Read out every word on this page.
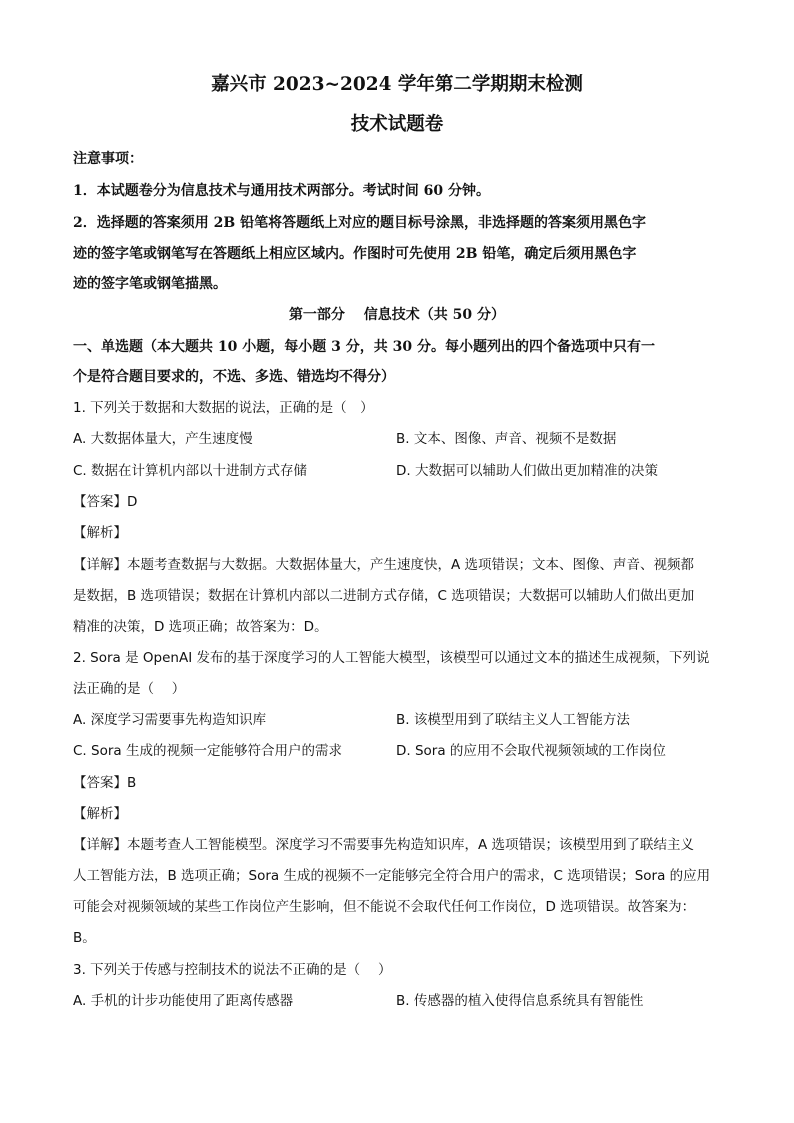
嘉兴市 2023~2024 学年第二学期期末检测
技术试题卷
注意事项：
1．本试题卷分为信息技术与通用技术两部分。考试时间 60 分钟。
2．选择题的答案须用 2B 铅笔将答题纸上对应的题目标号涂黑，非选择题的答案须用黑色字
迹的签字笔或钢笔写在答题纸上相应区域内。作图时可先使用 2B 铅笔，确定后须用黑色字
迹的签字笔或钢笔描黑。
第一部分　 信息技术（共 50 分）
一、单选题（本大题共 10 小题，每小题 3 分，共 30 分。每小题列出的四个备选项中只有一
个是符合题目要求的，不选、多选、错选均不得分）
1. 下列关于数据和大数据的说法，正确的是（　）
A. 大数据体量大，产生速度慢	B. 文本、图像、声音、视频不是数据
C. 数据在计算机内部以十进制方式存储	D. 大数据可以辅助人们做出更加精准的决策
【答案】D
【解析】
【详解】本题考查数据与大数据。大数据体量大，产生速度快，A 选项错误；文本、图像、声音、视频都
是数据，B 选项错误；数据在计算机内部以二进制方式存储，C 选项错误；大数据可以辅助人们做出更加
精准的决策，D 选项正确；故答案为：D。
2. Sora 是 OpenAI 发布的基于深度学习的人工智能大模型，该模型可以通过文本的描述生成视频，下列说
法正确的是（　 ）
A. 深度学习需要事先构造知识库	B. 该模型用到了联结主义人工智能方法
C. Sora 生成的视频一定能够符合用户的需求	D. Sora 的应用不会取代视频领域的工作岗位
【答案】B
【解析】
【详解】本题考查人工智能模型。深度学习不需要事先构造知识库，A 选项错误；该模型用到了联结主义
人工智能方法，B 选项正确；Sora 生成的视频不一定能够完全符合用户的需求，C 选项错误；Sora 的应用
可能会对视频领域的某些工作岗位产生影响，但不能说不会取代任何工作岗位，D 选项错误。故答案为：
B。
3. 下列关于传感与控制技术的说法不正确的是（　 ）
A. 手机的计步功能使用了距离传感器	B. 传感器的植入使得信息系统具有智能性
